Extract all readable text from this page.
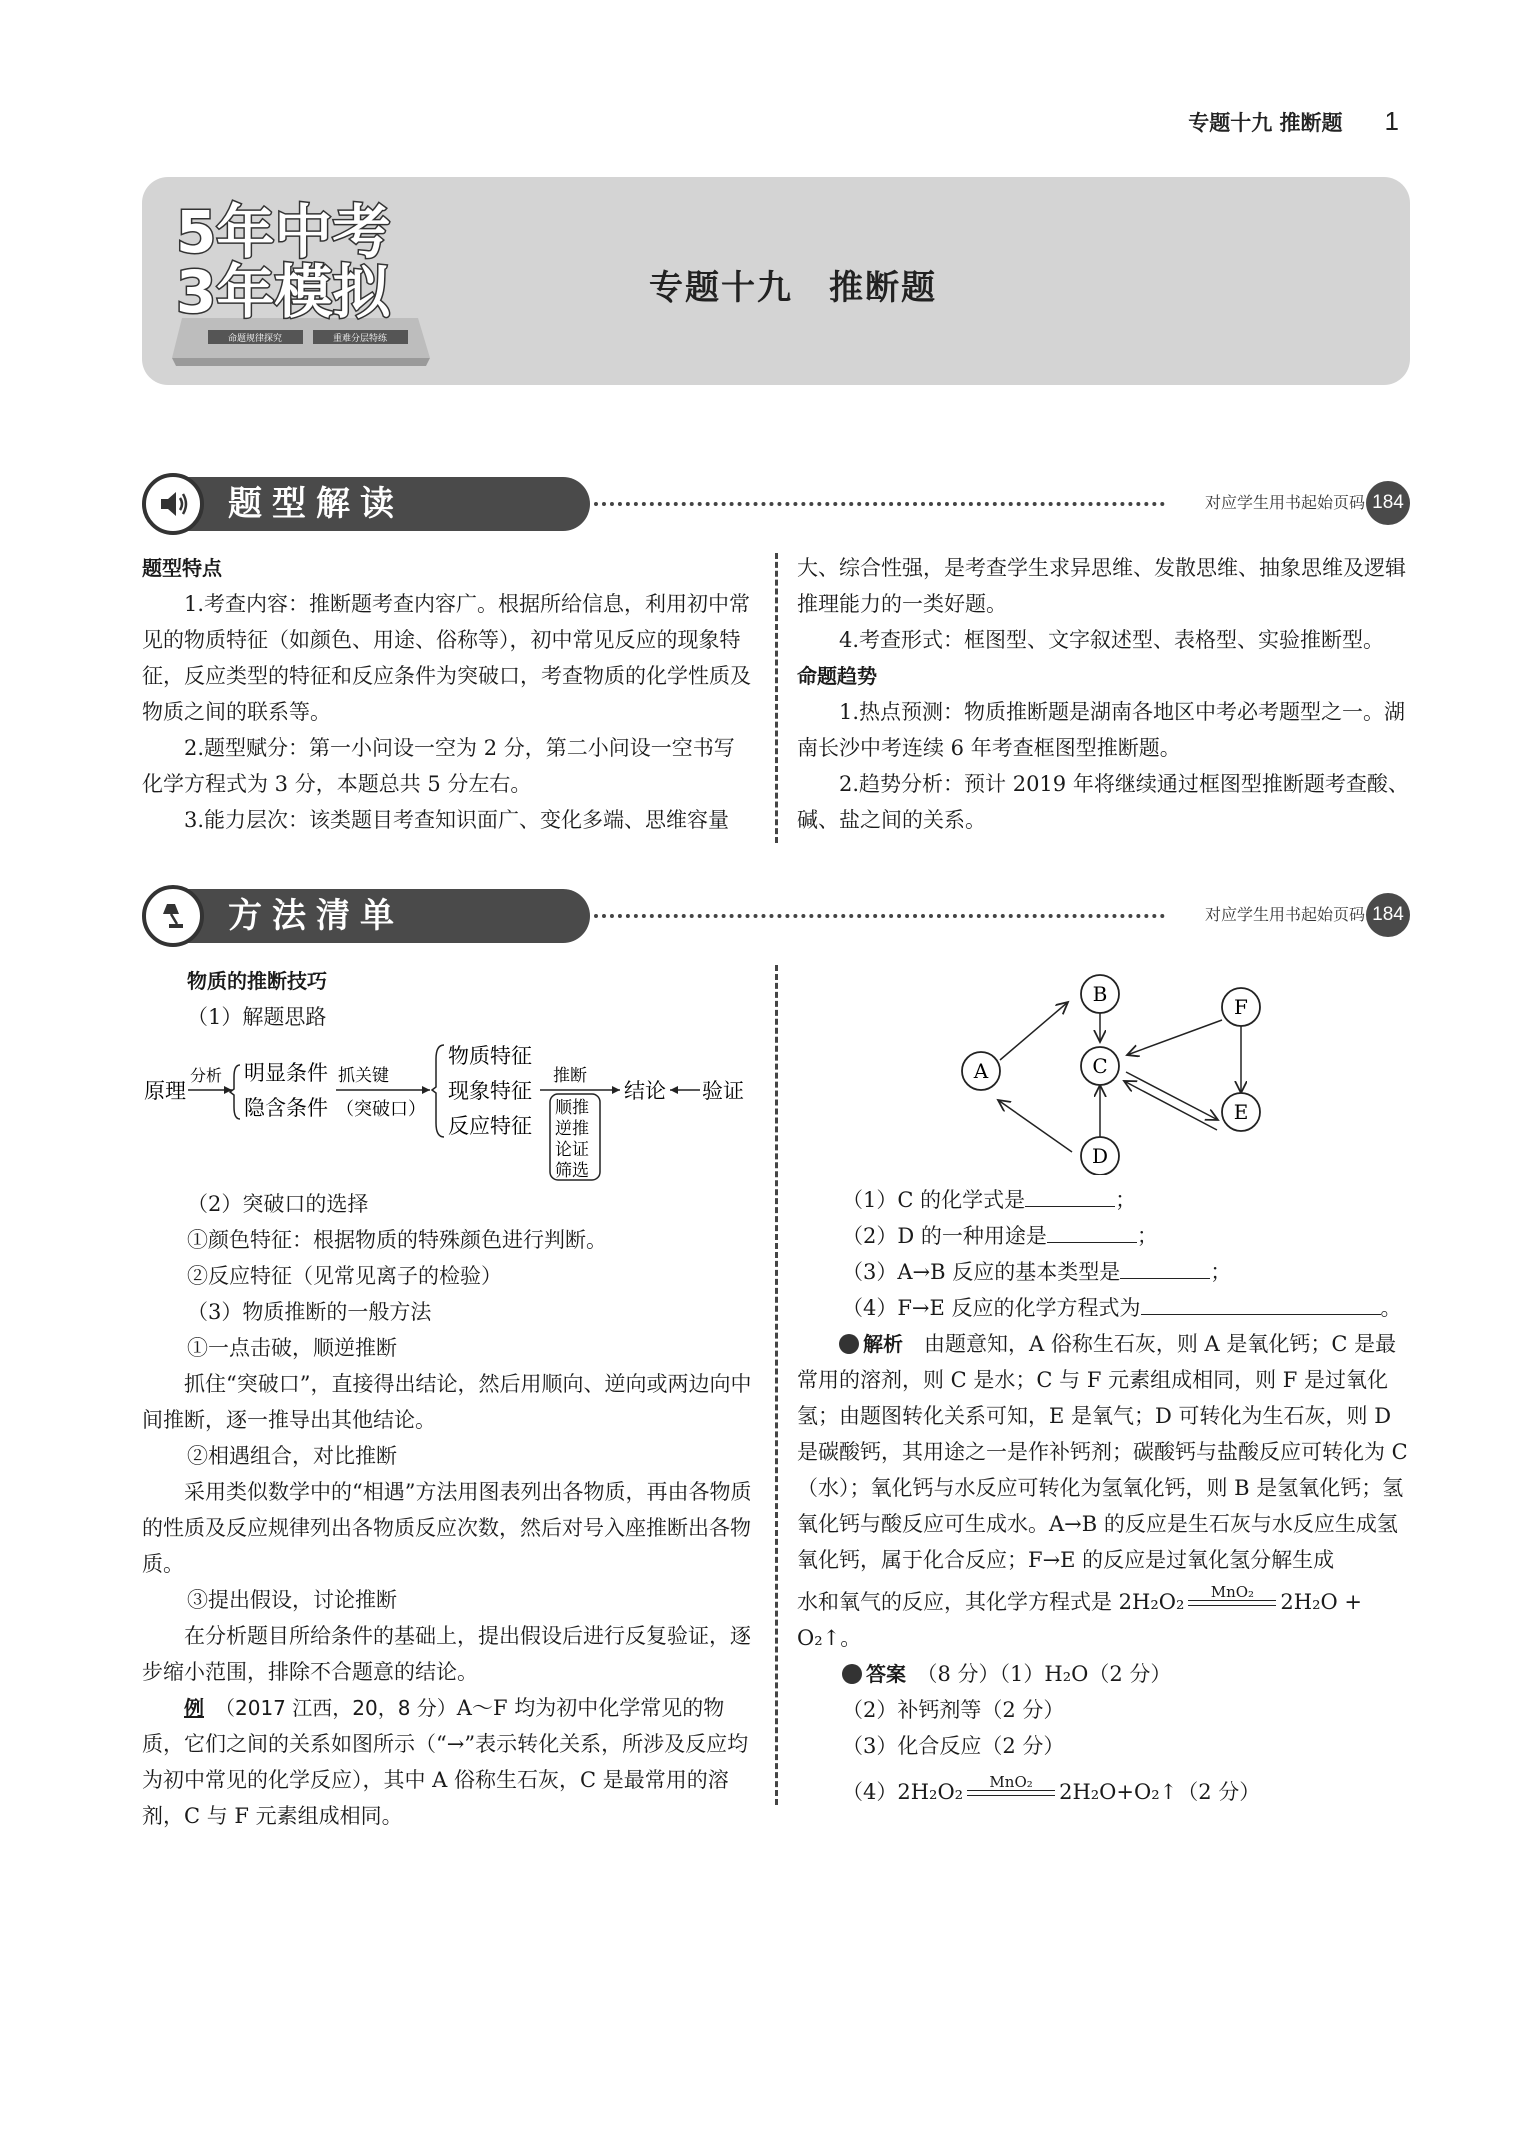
专题十九 推断题 1
命题规律探究	重难分层特练
5年中考
3年模拟	专题十九　推断题
题型解读	对应学生用书起始页码 184

题型特点

1.考查内容：推断题考查内容广。根据所给信息，利用初中常见的物质特征（如颜色、用途、俗称等），初中常见反应的现象特征，反应类型的特征和反应条件为突破口，考查物质的化学性质及物质之间的联系等。

2.题型赋分：第一小问设一空为 2 分，第二小问设一空书写化学方程式为 3 分，本题总共 5 分左右。

3.能力层次：该类题目考查知识面广、变化多端、思维容量

大、综合性强，是考查学生求异思维、发散思维、抽象思维及逻辑推理能力的一类好题。

4.考查形式：框图型、文字叙述型、表格型、实验推断型。

命题趋势

1.热点预测：物质推断题是湖南各地区中考必考题型之一。湖南长沙中考连续 6 年考查框图型推断题。

2.趋势分析：预计 2019 年将继续通过框图型推断题考查酸、碱、盐之间的关系。

方法清单	对应学生用书起始页码 184

物质的推断技巧

（1）解题思路

原理
分析 明显条件
隐含条件
抓关键
（突破口）
物质特征
现象特征
反应特征
推断
顺推
逆推
论证
筛选
结论 验证

（2）突破口的选择

①颜色特征：根据物质的特殊颜色进行判断。

②反应特征（见常见离子的检验）

（3）物质推断的一般方法

①一点击破，顺逆推断

抓住“突破口”，直接得出结论，然后用顺向、逆向或两边向中间推断，逐一推导出其他结论。

②相遇组合，对比推断

采用类似数学中的“相遇”方法用图表列出各物质，再由各物质的性质及反应规律列出各物质反应次数，然后对号入座推断出各物质。

③提出假设，讨论推断

在分析题目所给条件的基础上，提出假设后进行反复验证，逐步缩小范围，排除不合题意的结论。

例　 （2017 江西，20，8 分）A～F 均为初中化学常见的物质，它们之间的关系如图所示（“→”表示转化关系，所涉及反应均为初中常见的化学反应），其中 A 俗称生石灰，C 是最常用的溶剂，C 与 F 元素组成相同。

A
B
C
D
E
F

（1）C 的化学式是	；

（2）D 的一种用途是	；

（3）A→B 反应的基本类型是	；

（4）F→E 反应的化学方程式为	。

解析　 由题意知，A 俗称生石灰，则 A 是氧化钙；C 是最常用的溶剂，则 C 是水；C 与 F 元素组成相同，则 F 是过氧化氢；由题图转化关系可知，E 是氧气；D 可转化为生石灰，则 D 是碳酸钙，其用途之一是作补钙剂；碳酸钙与盐酸反应可转化为 C（水）；氧化钙与水反应可转化为氢氧化钙，则 B 是氢氧化钙；氢氧化钙与酸反应可生成水。A→B 的反应是生石灰与水反应生成氢氧化钙，属于化合反应；F→E 的反应是过氧化氢分解生成

水和氧气的反应，其化学方程式是 2H₂O₂	MnO₂	2H₂O + O₂↑。

答案　 （8 分）（1）H₂O（2 分）

（2）补钙剂等（2 分）

（3）化合反应（2 分）

（4）2H₂O₂	MnO₂	2H₂O+O₂↑（2 分）
